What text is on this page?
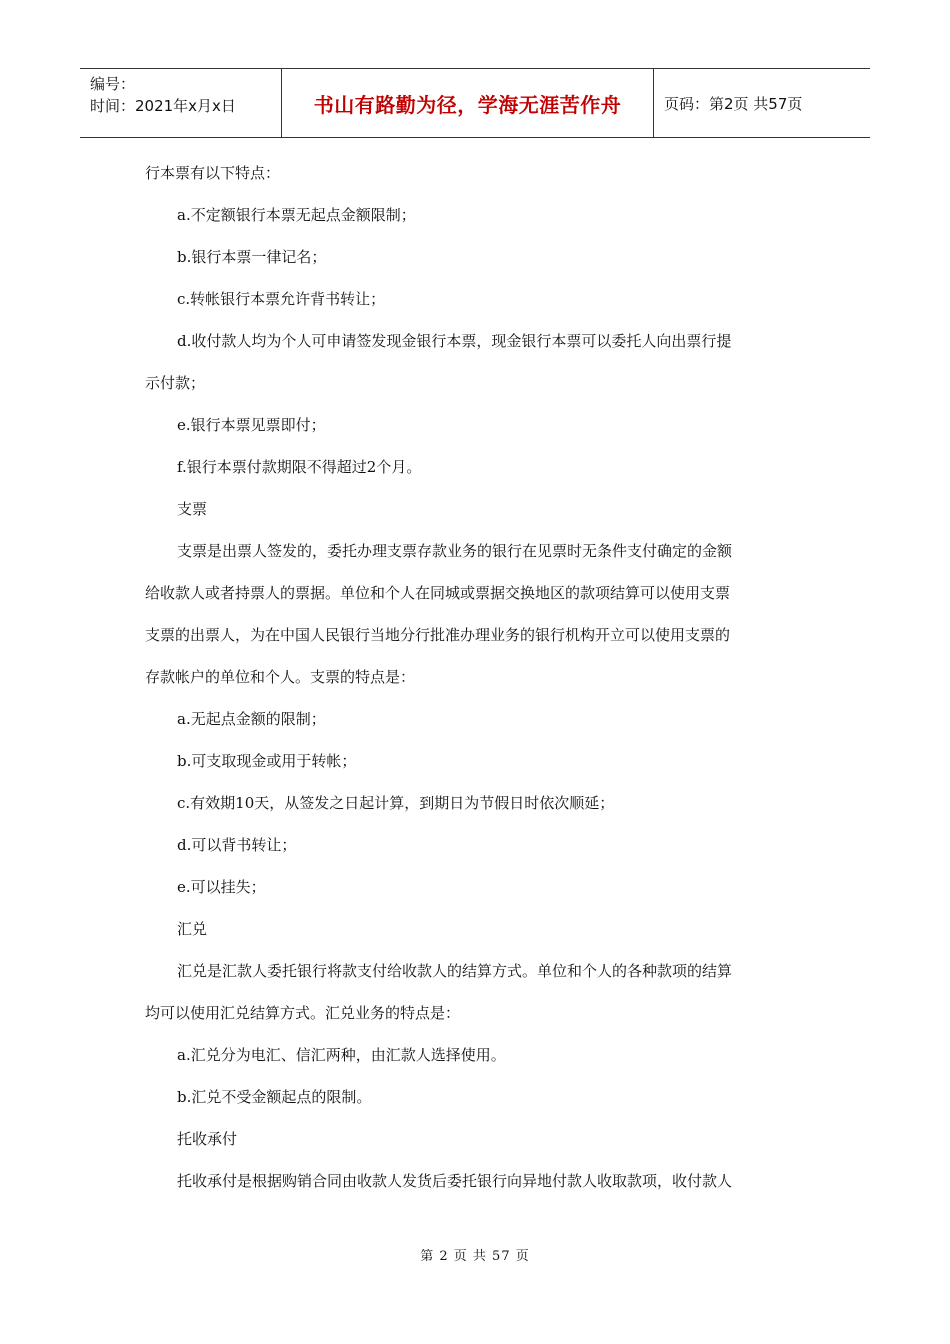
编号：
时间：2021年x月x日	书山有路勤为径，学海无涯苦作舟	页码：第2页 共57页

行本票有以下特点：

a.不定额银行本票无起点金额限制；

b.银行本票一律记名；

c.转帐银行本票允许背书转让；

d.收付款人均为个人可申请签发现金银行本票，现金银行本票可以委托人向出票行提

示付款；

e.银行本票见票即付；

f.银行本票付款期限不得超过2个月。

支票

支票是出票人签发的，委托办理支票存款业务的银行在见票时无条件支付确定的金额

给收款人或者持票人的票据。单位和个人在同城或票据交换地区的款项结算可以使用支票

支票的出票人，为在中国人民银行当地分行批准办理业务的银行机构开立可以使用支票的

存款帐户的单位和个人。支票的特点是：

a.无起点金额的限制；

b.可支取现金或用于转帐；

c.有效期10天，从签发之日起计算，到期日为节假日时依次顺延；

d.可以背书转让；

e.可以挂失；

汇兑

汇兑是汇款人委托银行将款支付给收款人的结算方式。单位和个人的各种款项的结算

均可以使用汇兑结算方式。汇兑业务的特点是：

a.汇兑分为电汇、信汇两种，由汇款人选择使用。

b.汇兑不受金额起点的限制。

托收承付

托收承付是根据购销合同由收款人发货后委托银行向异地付款人收取款项，收付款人

第 2 页 共 57 页
